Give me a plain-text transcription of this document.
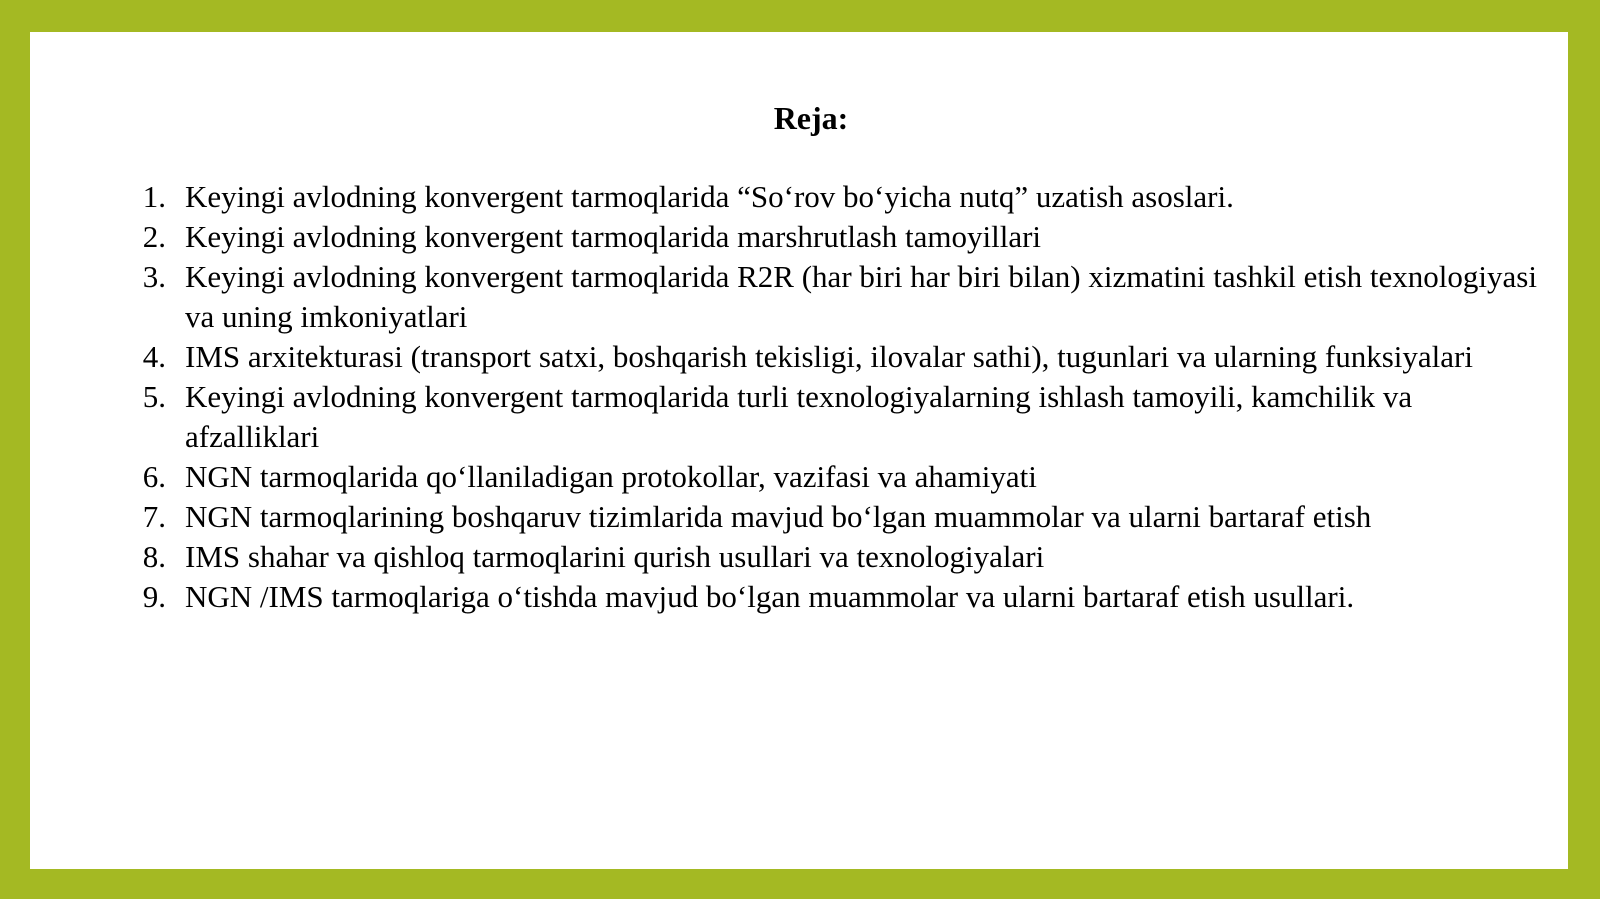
Reja:
1. Keyingi avlodning konvergent tarmoqlarida “So‘rov bo‘yicha nutq” uzatish asoslari.
2. Keyingi avlodning konvergent tarmoqlarida marshrutlash tamoyillari
3. Keyingi avlodning konvergent tarmoqlarida R2R (har biri har biri bilan) xizmatini tashkil etish texnologiyasi va uning imkoniyatlari
4. IMS arxitekturasi (transport satxi, boshqarish tekisligi, ilovalar sathi), tugunlari va ularning funksiyalari
5. Keyingi avlodning konvergent tarmoqlarida turli texnologiyalarning ishlash tamoyili, kamchilik va afzalliklari
6. NGN tarmoqlarida qo‘llaniladigan protokollar, vazifasi va ahamiyati
7. NGN tarmoqlarining boshqaruv tizimlarida mavjud bo‘lgan muammolar va ularni bartaraf etish
8. IMS shahar va qishloq tarmoqlarini qurish usullari va texnologiyalari
9. NGN /IMS tarmoqlariga o‘tishda mavjud bo‘lgan muammolar va ularni bartaraf etish usullari.
